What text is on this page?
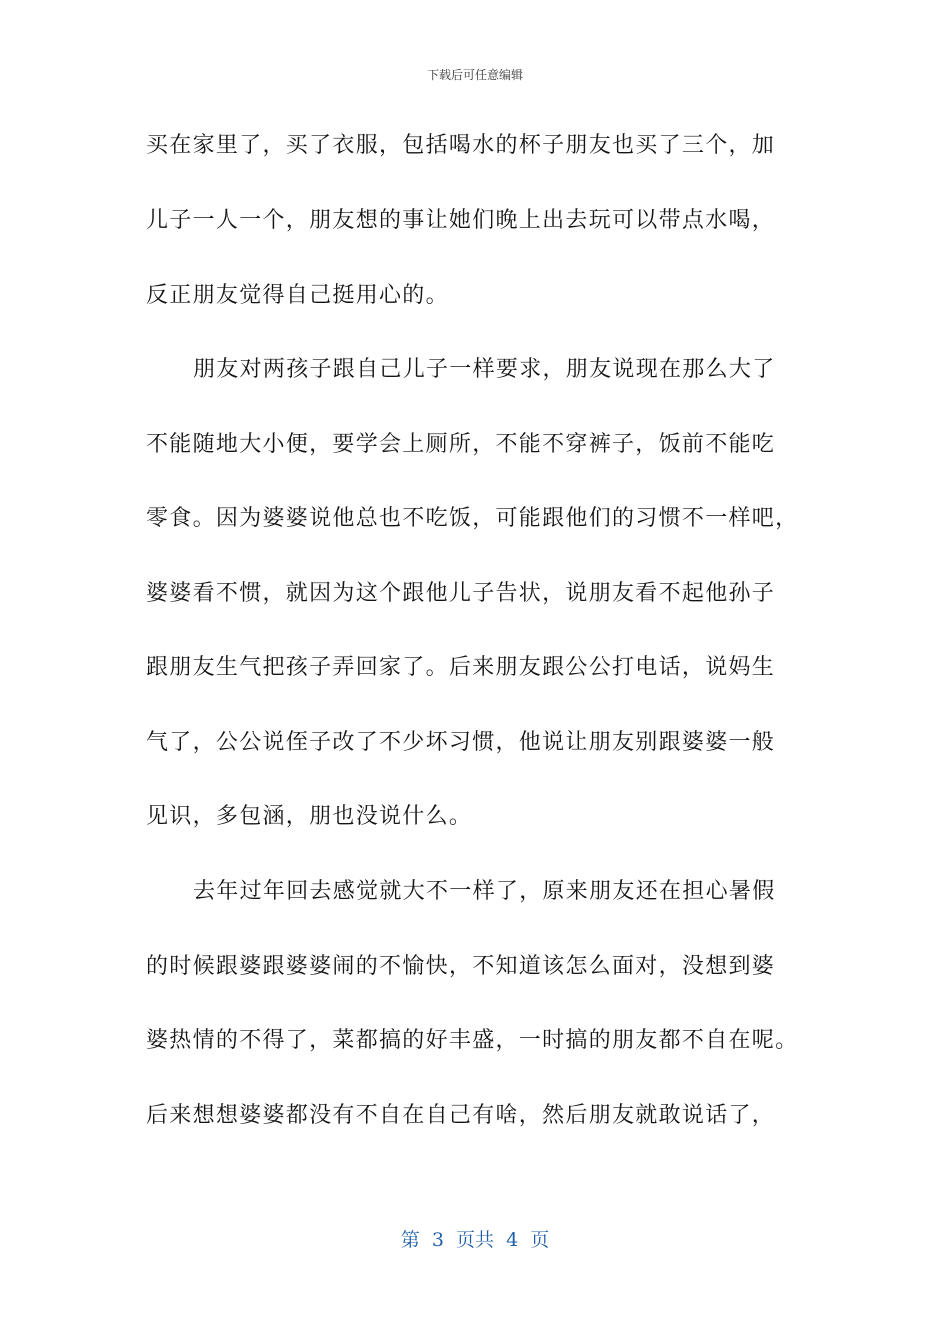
下载后可任意编辑
买在家里了，买了衣服，包括喝水的杯子朋友也买了三个，加
儿子一人一个，朋友想的事让她们晚上出去玩可以带点水喝，
反正朋友觉得自己挺用心的。
朋友对两孩子跟自己儿子一样要求，朋友说现在那么大了
不能随地大小便，要学会上厕所，不能不穿裤子，饭前不能吃
零食。因为婆婆说他总也不吃饭，可能跟他们的习惯不一样吧，
婆婆看不惯，就因为这个跟他儿子告状，说朋友看不起他孙子
跟朋友生气把孩子弄回家了。后来朋友跟公公打电话，说妈生
气了，公公说侄子改了不少坏习惯，他说让朋友别跟婆婆一般
见识，多包涵，朋也没说什么。
去年过年回去感觉就大不一样了，原来朋友还在担心暑假
的时候跟婆跟婆婆闹的不愉快，不知道该怎么面对，没想到婆
婆热情的不得了，菜都搞的好丰盛，一时搞的朋友都不自在呢。
后来想想婆婆都没有不自在自己有啥，然后朋友就敢说话了，
第  3  页共  4  页
